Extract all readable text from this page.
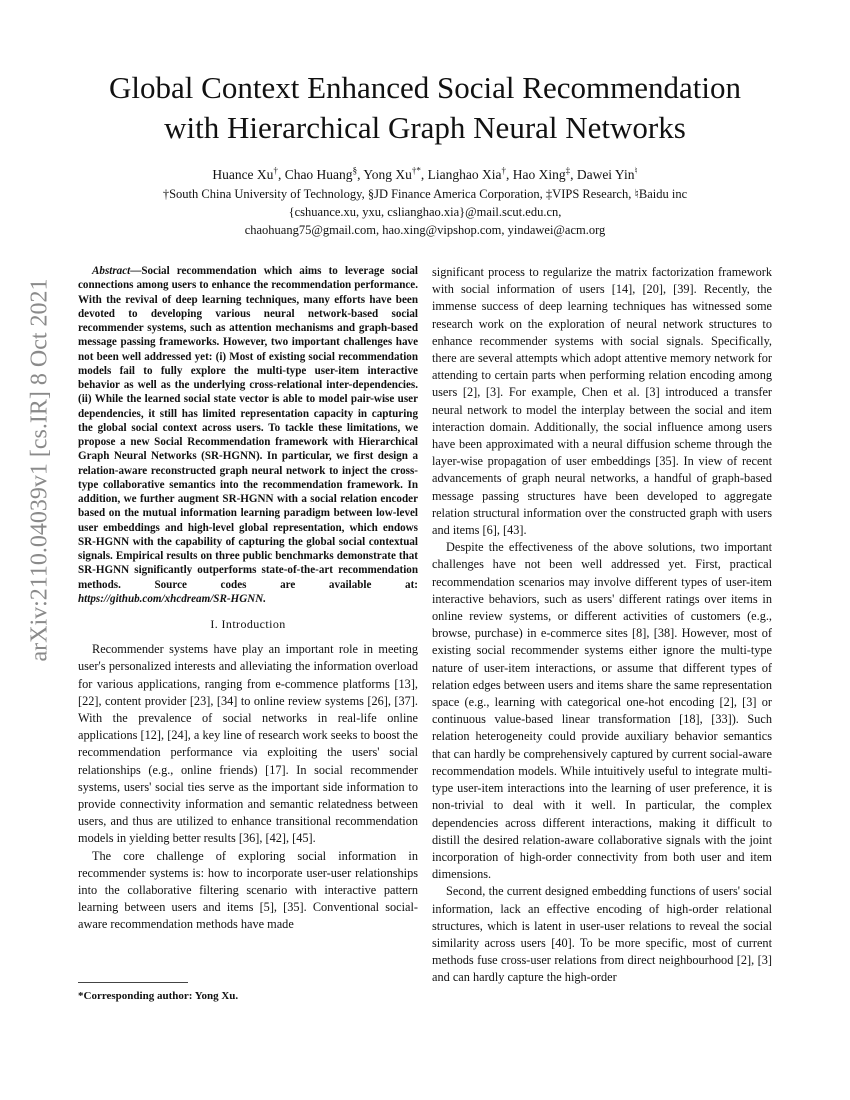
arXiv:2110.04039v1 [cs.IR] 8 Oct 2021
Global Context Enhanced Social Recommendation
with Hierarchical Graph Neural Networks
Huance Xu†, Chao Huang§, Yong Xu†*, Lianghao Xia†, Hao Xing‡, Dawei Yin♮
†South China University of Technology, §JD Finance America Corporation, ‡VIPS Research, ♮Baidu inc
{cshuance.xu, yxu, cslianghao.xia}@mail.scut.edu.cn,
chaohuang75@gmail.com, hao.xing@vipshop.com, yindawei@acm.org

Abstract—Social recommendation which aims to leverage social connections among users to enhance the recommendation performance. With the revival of deep learning techniques, many efforts have been devoted to developing various neural network-based social recommender systems, such as attention mechanisms and graph-based message passing frameworks. However, two important challenges have not been well addressed yet: (i) Most of existing social recommendation models fail to fully explore the multi-type user-item interactive behavior as well as the underlying cross-relational inter-dependencies. (ii) While the learned social state vector is able to model pair-wise user dependencies, it still has limited representation capacity in capturing the global social context across users. To tackle these limitations, we propose a new Social Recommendation framework with Hierarchical Graph Neural Networks (SR-HGNN). In particular, we first design a relation-aware reconstructed graph neural network to inject the cross-type collaborative semantics into the recommendation framework. In addition, we further augment SR-HGNN with a social relation encoder based on the mutual information learning paradigm between low-level user embeddings and high-level global representation, which endows SR-HGNN with the capability of capturing the global social contextual signals. Empirical results on three public benchmarks demonstrate that SR-HGNN significantly outperforms state-of-the-art recommendation methods. Source codes are available at: https://github.com/xhcdream/SR-HGNN.

I. Introduction

Recommender systems have play an important role in meeting user's personalized interests and alleviating the information overload for various applications, ranging from e-commence platforms [13], [22], content provider [23], [34] to online review systems [26], [37]. With the prevalence of social networks in real-life online applications [12], [24], a key line of research work seeks to boost the recommendation performance via exploiting the users' social relationships (e.g., online friends) [17]. In social recommender systems, users' social ties serve as the important side information to provide connectivity information and semantic relatedness between users, and thus are utilized to enhance transitional recommendation models in yielding better results [36], [42], [45].

The core challenge of exploring social information in recommender systems is: how to incorporate user-user relationships into the collaborative filtering scenario with interactive pattern learning between users and items [5], [35]. Conventional social-aware recommendation methods have made

*Corresponding author: Yong Xu.

significant process to regularize the matrix factorization framework with social information of users [14], [20], [39]. Recently, the immense success of deep learning techniques has witnessed some research work on the exploration of neural network structures to enhance recommender systems with social signals. Specifically, there are several attempts which adopt attentive memory network for attending to certain parts when performing relation encoding among users [2], [3]. For example, Chen et al. [3] introduced a transfer neural network to model the interplay between the social and item interaction domain. Additionally, the social influence among users have been approximated with a neural diffusion scheme through the layer-wise propagation of user embeddings [35]. In view of recent advancements of graph neural networks, a handful of graph-based message passing structures have been developed to aggregate relation structural information over the constructed graph with users and items [6], [43].

Despite the effectiveness of the above solutions, two important challenges have not been well addressed yet. First, practical recommendation scenarios may involve different types of user-item interactive behaviors, such as users' different ratings over items in online review systems, or different activities of customers (e.g., browse, purchase) in e-commerce sites [8], [38]. However, most of existing social recommender systems either ignore the multi-type nature of user-item interactions, or assume that different types of relation edges between users and items share the same representation space (e.g., learning with categorical one-hot encoding [2], [3] or continuous value-based linear transformation [18], [33]). Such relation heterogeneity could provide auxiliary behavior semantics that can hardly be comprehensively captured by current social-aware recommendation models. While intuitively useful to integrate multi-type user-item interactions into the learning of user preference, it is non-trivial to deal with it well. In particular, the complex dependencies across different interactions, making it difficult to distill the desired relation-aware collaborative signals with the joint incorporation of high-order connectivity from both user and item dimensions.

Second, the current designed embedding functions of users' social information, lack an effective encoding of high-order relational structures, which is latent in user-user relations to reveal the social similarity across users [40]. To be more specific, most of current methods fuse cross-user relations from direct neighbourhood [2], [3] and can hardly capture the high-order
